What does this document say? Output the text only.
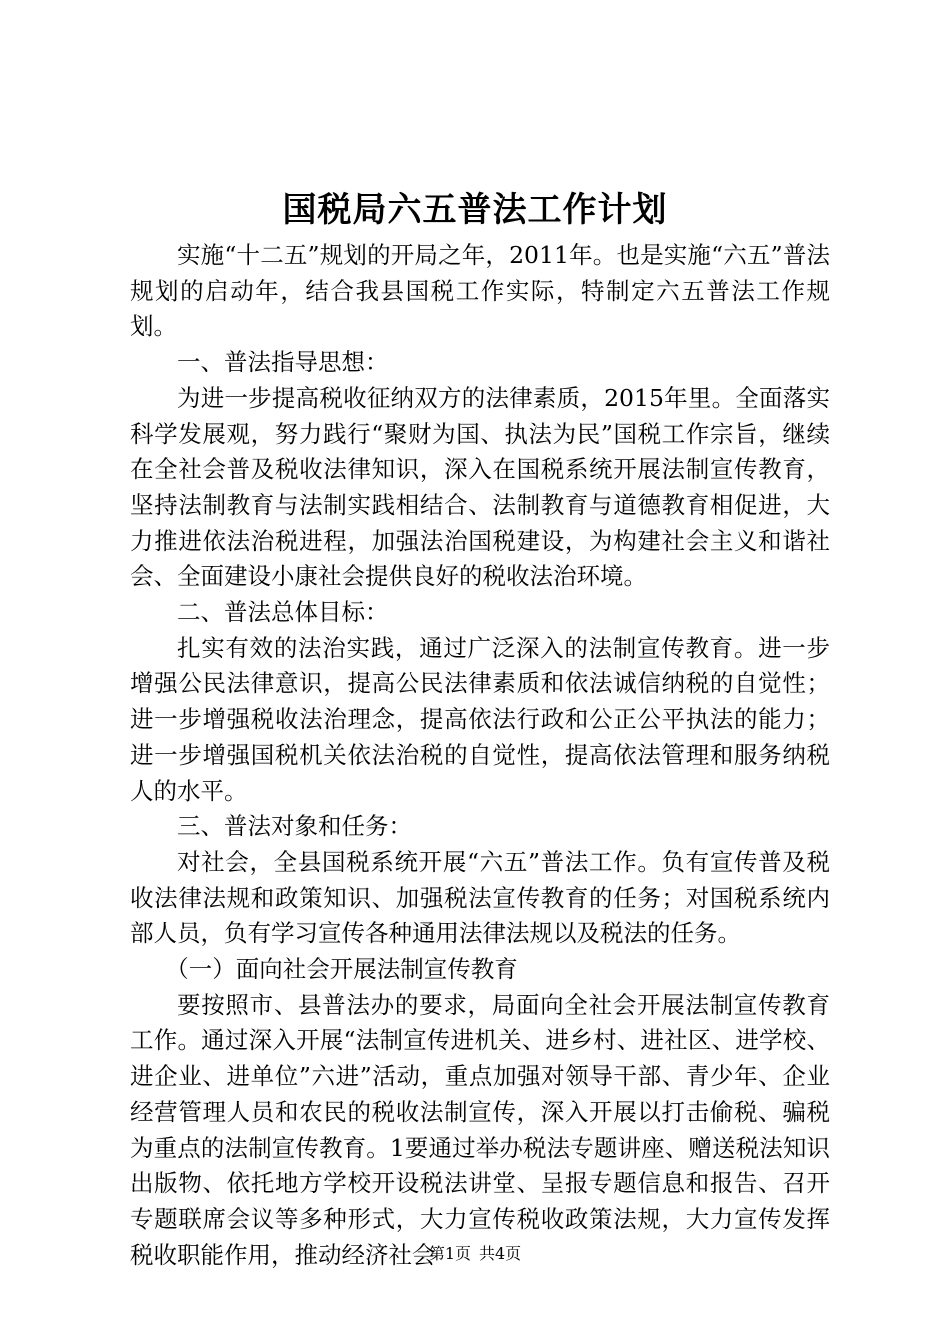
国税局六五普法工作计划

实施“十二五”规划的开局之年，2011年。也是实施“六五”普法规划的启动年，结合我县国税工作实际，特制定六五普法工作规划。

一、普法指导思想：

为进一步提高税收征纳双方的法律素质，2015年里。全面落实科学发展观，努力践行“聚财为国、执法为民”国税工作宗旨，继续在全社会普及税收法律知识，深入在国税系统开展法制宣传教育，坚持法制教育与法制实践相结合、法制教育与道德教育相促进，大力推进依法治税进程，加强法治国税建设，为构建社会主义和谐社会、全面建设小康社会提供良好的税收法治环境。

二、普法总体目标：

扎实有效的法治实践，通过广泛深入的法制宣传教育。进一步增强公民法律意识，提高公民法律素质和依法诚信纳税的自觉性；进一步增强税收法治理念，提高依法行政和公正公平执法的能力；进一步增强国税机关依法治税的自觉性，提高依法管理和服务纳税人的水平。

三、普法对象和任务：

对社会，全县国税系统开展“六五”普法工作。负有宣传普及税收法律法规和政策知识、加强税法宣传教育的任务；对国税系统内部人员，负有学习宣传各种通用法律法规以及税法的任务。

（一）面向社会开展法制宣传教育

要按照市、县普法办的要求，局面向全社会开展法制宣传教育工作。通过深入开展“法制宣传进机关、进乡村、进社区、进学校、进企业、进单位”六进”活动，重点加强对领导干部、青少年、企业经营管理人员和农民的税收法制宣传，深入开展以打击偷税、骗税为重点的法制宣传教育。1要通过举办税法专题讲座、赠送税法知识出版物、依托地方学校开设税法讲堂、呈报专题信息和报告、召开专题联席会议等多种形式，大力宣传税收政策法规，大力宣传发挥税收职能作用，推动经济社会

第1页 共4页
